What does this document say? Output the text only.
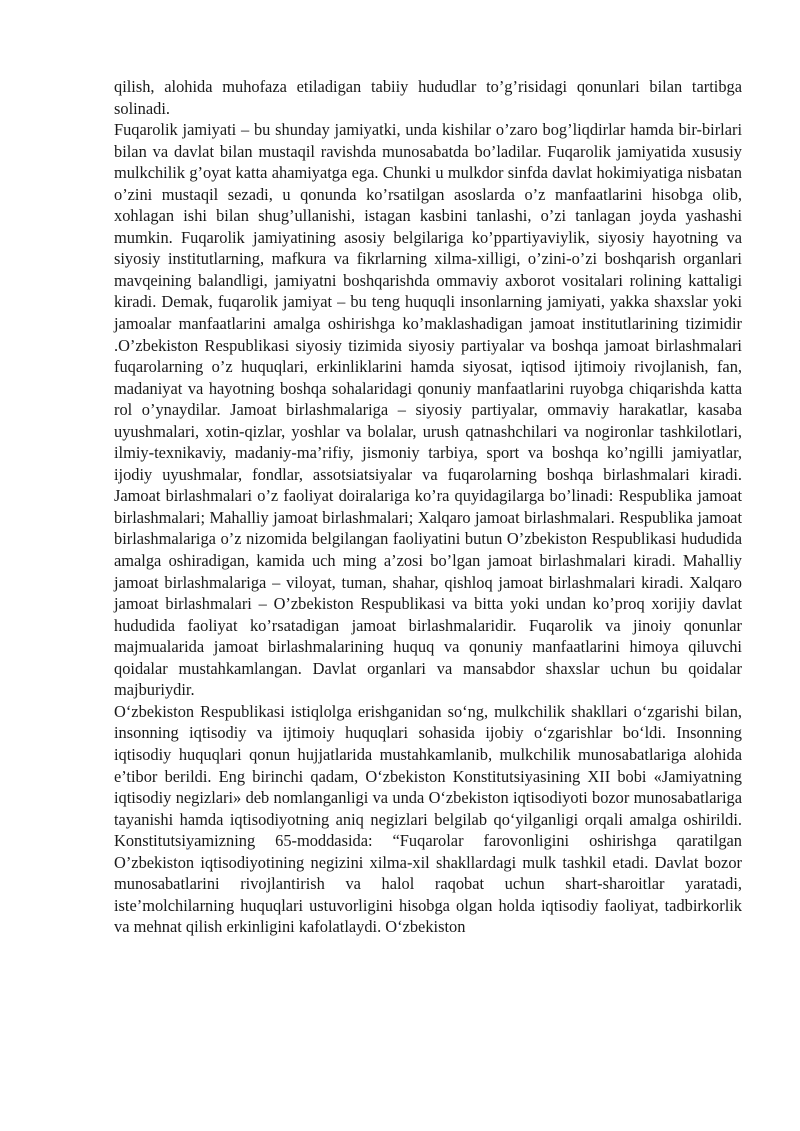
qilish, alohida muhofaza etiladigan tabiiy hududlar to’g’risidagi qonunlari bilan tartibga solinadi.

Fuqarolik jamiyati – bu shunday jamiyatki, unda kishilar o’zaro bog’liqdirlar hamda bir-birlari bilan va davlat bilan mustaqil ravishda munosabatda bo’ladilar. Fuqarolik jamiyatida xususiy mulkchilik g’oyat katta ahamiyatga ega. Chunki u mulkdor sinfda davlat hokimiyatiga nisbatan o’zini mustaqil sezadi, u qonunda ko’rsatilgan asoslarda o’z manfaatlarini hisobga olib, xohlagan ishi bilan shug’ullanishi, istagan kasbini tanlashi, o’zi tanlagan joyda yashashi mumkin. Fuqarolik jamiyatining asosiy belgilariga ko’ppartiyaviylik, siyosiy hayotning va siyosiy institutlarning, mafkura va fikrlarning xilma-xilligi, o’zini-o’zi boshqarish organlari mavqeining balandligi, jamiyatni boshqarishda ommaviy axborot vositalari rolining kattaligi kiradi. Demak, fuqarolik jamiyat – bu teng huquqli insonlarning jamiyati, yakka shaxslar yoki jamoalar manfaatlarini amalga oshirishga ko’maklashadigan jamoat institutlarining tizimidir .O’zbekiston Respublikasi siyosiy tizimida siyosiy partiyalar va boshqa jamoat birlashmalari fuqarolarning o’z huquqlari, erkinliklarini hamda siyosat, iqtisod ijtimoiy rivojlanish, fan, madaniyat va hayotning boshqa sohalaridagi qonuniy manfaatlarini ruyobga chiqarishda katta rol o’ynaydilar. Jamoat birlashmalariga – siyosiy partiyalar, ommaviy harakatlar, kasaba uyushmalari, xotin-qizlar, yoshlar va bolalar, urush qatnashchilari va nogironlar tashkilotlari, ilmiy-texnikaviy, madaniy-ma’rifiy, jismoniy tarbiya, sport va boshqa ko’ngilli jamiyatlar, ijodiy uyushmalar, fondlar, assotsiatsiyalar va fuqarolarning boshqa birlashmalari kiradi. Jamoat birlashmalari o’z faoliyat doiralariga ko’ra quyidagilarga bo’linadi: Respublika jamoat birlashmalari; Mahalliy jamoat birlashmalari; Xalqaro jamoat birlashmalari. Respublika jamoat birlashmalariga o’z nizomida belgilangan faoliyatini butun O’zbekiston Respublikasi hududida amalga oshiradigan, kamida uch ming a’zosi bo’lgan jamoat birlashmalari kiradi. Mahalliy jamoat birlashmalariga – viloyat, tuman, shahar, qishloq jamoat birlashmalari kiradi. Xalqaro jamoat birlashmalari – O’zbekiston Respublikasi va bitta yoki undan ko’proq xorijiy davlat hududida faoliyat ko’rsatadigan jamoat birlashmalaridir. Fuqarolik va jinoiy qonunlar majmualarida jamoat birlashmalarining huquq va qonuniy manfaatlarini himoya qiluvchi qoidalar mustahkamlangan. Davlat organlari va mansabdor shaxslar uchun bu qoidalar majburiydir.

O‘zbekiston Respublikasi istiqlolga erishganidan so‘ng, mulkchilik shakllari o‘zgarishi bilan, insonning iqtisodiy va ijtimoiy huquqlari sohasida ijobiy o‘zgarishlar bo‘ldi. Insonning iqtisodiy huquqlari qonun hujjatlarida mustahkamlanib, mulkchilik munosabatlariga alohida e’tibor berildi. Eng birinchi qadam, O‘zbekiston Konstitutsiyasining XII bobi «Jamiyatning iqtisodiy negizlari» deb nomlanganligi va unda O‘zbekiston iqtisodiyoti bozor munosabatlariga tayanishi hamda iqtisodiyotning aniq negizlari belgilab qo‘yilganligi orqali amalga oshirildi. Konstitutsiyamizning 65-moddasida: “Fuqarolar farovonligini oshirishga qaratilgan O’zbekiston iqtisodiyotining negizini xilma-xil shakllardagi mulk tashkil etadi. Davlat bozor munosabatlarini rivojlantirish va halol raqobat uchun shart-sharoitlar yaratadi, iste’molchilarning huquqlari ustuvorligini hisobga olgan holda iqtisodiy faoliyat, tadbirkorlik va mehnat qilish erkinligini kafolatlaydi. O‘zbekiston
